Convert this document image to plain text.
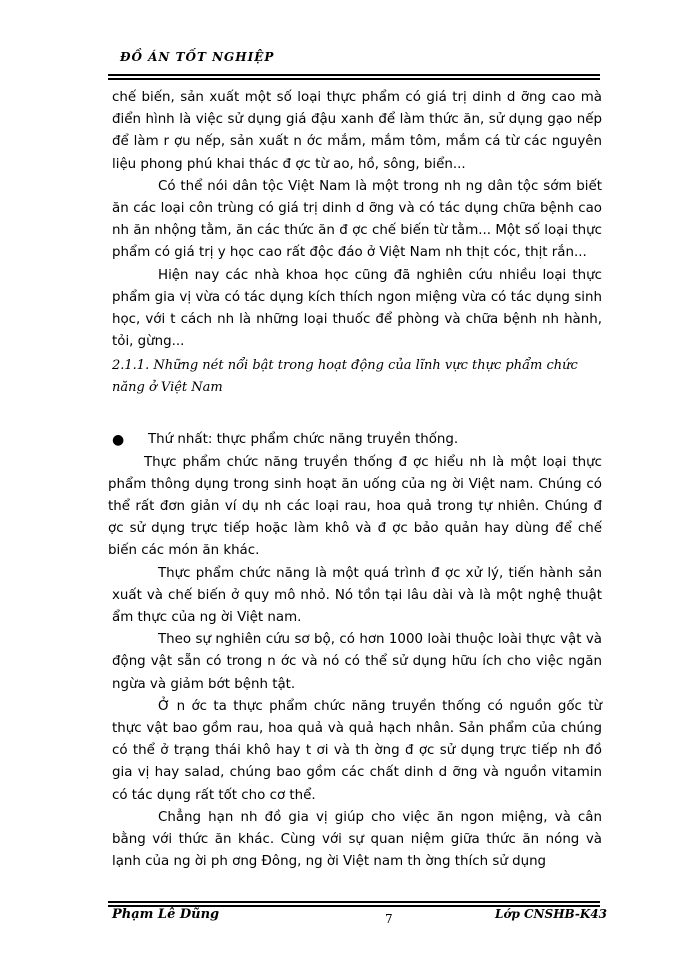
ĐỒ ÁN TỐT NGHIỆP

chế biến, sản xuất một số loại thực phẩm có giá trị dinh d ỡng cao mà điển hình là việc sử dụng giá đậu xanh để làm thức ăn, sử dụng gạo nếp để làm r ợu nếp, sản xuất n ớc mắm, mắm tôm, mắm cá từ các nguyên liệu phong phú khai thác đ ợc từ ao, hồ, sông, biển...

Có thể nói dân tộc Việt Nam là một trong nh ng dân tộc sớm biết ăn các loại côn trùng có giá trị dinh d ỡng và có tác dụng chữa bệnh cao nh ăn nhộng tằm, ăn các thức ăn đ ợc chế biến từ tằm... Một số loại thực phẩm có giá trị y học cao rất độc đáo ở Việt Nam nh thịt cóc, thịt rắn...

Hiện nay các nhà khoa học cũng đã nghiên cứu nhiều loại thực phẩm gia vị vừa có tác dụng kích thích ngon miệng vừa có tác dụng sinh học, với t cách nh là những loại thuốc để phòng và chữa bệnh nh hành, tỏi, gừng...

2.1.1. Những nét nổi bật trong hoạt động của lĩnh vực thực phẩm chức năng ở Việt Nam

● Thứ nhất: thực phẩm chức năng truyền thống.

Thực phẩm chức năng truyền thống đ ợc hiểu nh là một loại thực phẩm thông dụng trong sinh hoạt ăn uống của ng ời Việt nam. Chúng có thể rất đơn giản ví dụ nh các loại rau, hoa quả trong tự nhiên. Chúng đ ợc sử dụng trực tiếp hoặc làm khô và đ ợc bảo quản hay dùng để chế biến các món ăn khác.

Thực phẩm chức năng là một quá trình đ ợc xử lý, tiến hành sản xuất và chế biến ở quy mô nhỏ. Nó tồn tại lâu dài và là một nghệ thuật ẩm thực của ng ời Việt nam.

Theo sự nghiên cứu sơ bộ, có hơn 1000 loài thuộc loài thực vật và động vật sẵn có trong n ớc và nó có thể sử dụng hữu ích cho việc ngăn ngừa và giảm bớt bệnh tật.

Ở n ớc ta thực phẩm chức năng truyền thống có nguồn gốc từ thực vật bao gồm rau, hoa quả và quả hạch nhân. Sản phẩm của chúng có thể ở trạng thái khô hay t ơi và th ờng đ ợc sử dụng trực tiếp nh đồ gia vị hay salad, chúng bao gồm các chất dinh d ỡng và nguồn vitamin có tác dụng rất tốt cho cơ thể.

Chẳng hạn nh đồ gia vị giúp cho việc ăn ngon miệng, và cân bằng với thức ăn khác. Cùng với sự quan niệm giữa thức ăn nóng và lạnh của ng ời ph ơng Đông, ng ời Việt nam th ờng thích sử dụng

Phạm Lê Dũng	7	Lớp CNSHB-K43
